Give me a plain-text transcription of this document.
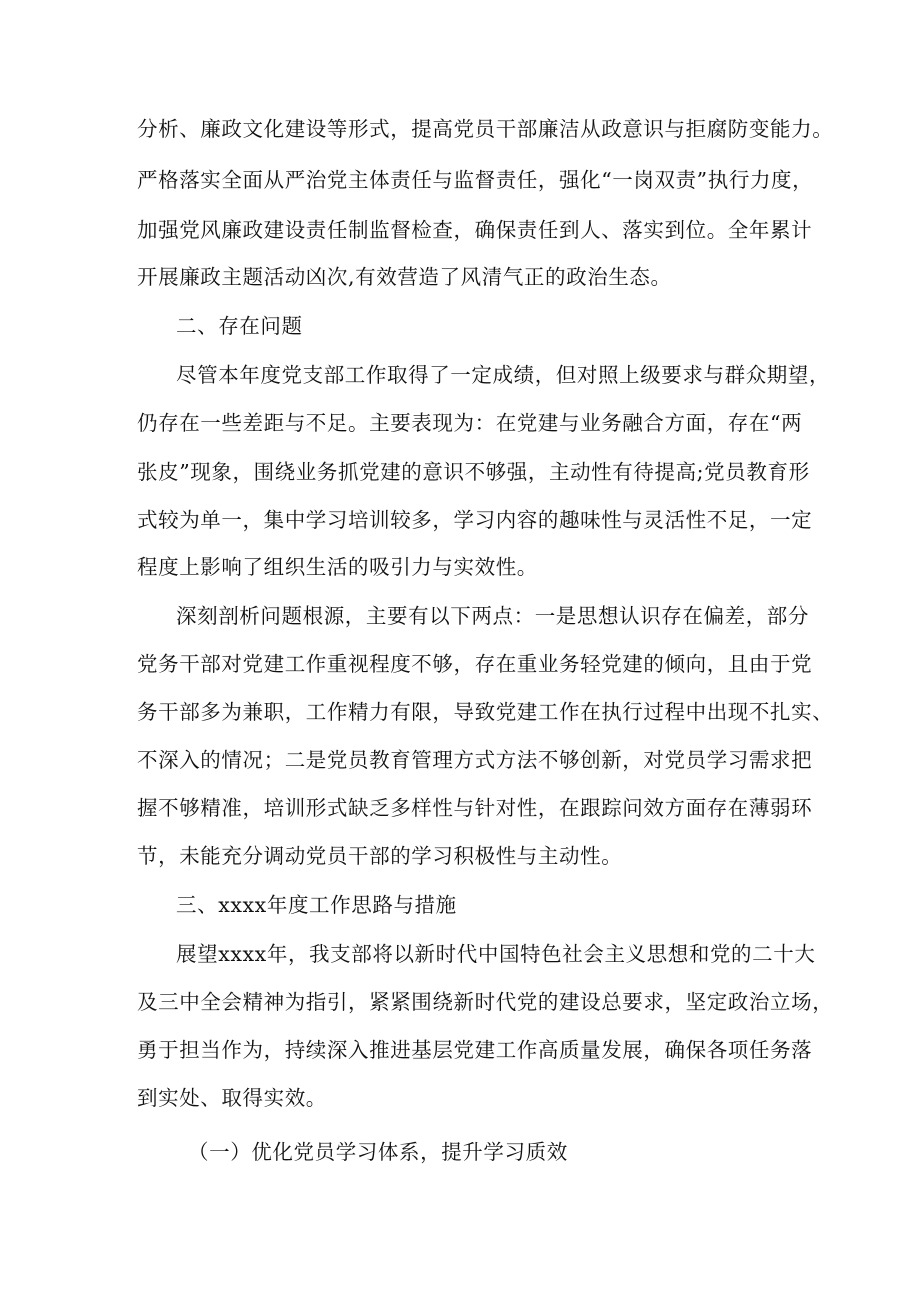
分析、廉政文化建设等形式，提高党员干部廉洁从政意识与拒腐防变能力。
严格落实全面从严治党主体责任与监督责任，强化“一岗双责”执行力度，
加强党风廉政建设责任制监督检查，确保责任到人、落实到位。全年累计
开展廉政主题活动凶次,有效营造了风清气正的政治生态。
二、存在问题
尽管本年度党支部工作取得了一定成绩，但对照上级要求与群众期望，
仍存在一些差距与不足。主要表现为：在党建与业务融合方面，存在“两
张皮”现象，围绕业务抓党建的意识不够强，主动性有待提高;党员教育形
式较为单一，集中学习培训较多，学习内容的趣味性与灵活性不足，一定
程度上影响了组织生活的吸引力与实效性。
深刻剖析问题根源，主要有以下两点：一是思想认识存在偏差，部分
党务干部对党建工作重视程度不够，存在重业务轻党建的倾向，且由于党
务干部多为兼职，工作精力有限，导致党建工作在执行过程中出现不扎实、
不深入的情况；二是党员教育管理方式方法不够创新，对党员学习需求把
握不够精准，培训形式缺乏多样性与针对性，在跟踪问效方面存在薄弱环
节，未能充分调动党员干部的学习积极性与主动性。
三、xxxx年度工作思路与措施
展望xxxx年，我支部将以新时代中国特色社会主义思想和党的二十大
及三中全会精神为指引，紧紧围绕新时代党的建设总要求，坚定政治立场，
勇于担当作为，持续深入推进基层党建工作高质量发展，确保各项任务落
到实处、取得实效。
（一）优化党员学习体系，提升学习质效
